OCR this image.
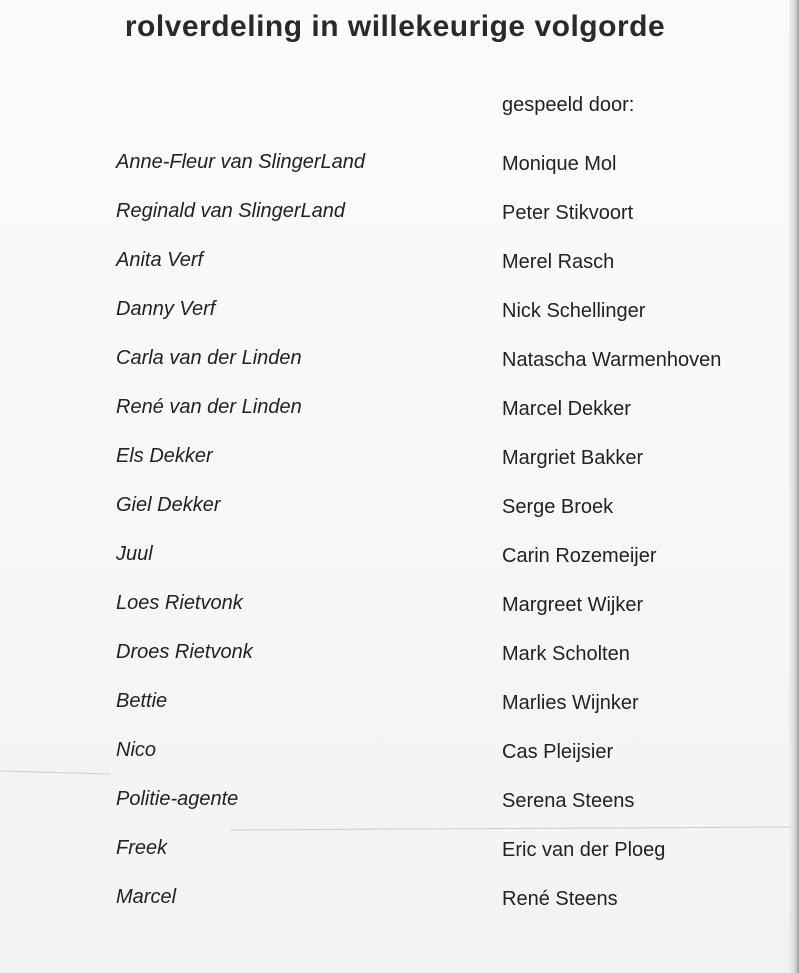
rolverdeling in willekeurige volgorde
gespeeld door:
Anne-Fleur van SlingerLand	Monique Mol
Reginald van SlingerLand	Peter Stikvoort
Anita Verf	Merel Rasch
Danny Verf	Nick Schellinger
Carla van der Linden	Natascha Warmenhoven
René van der Linden	Marcel Dekker
Els Dekker	Margriet Bakker
Giel Dekker	Serge Broek
Juul	Carin Rozemeijer
Loes Rietvonk	Margreet Wijker
Droes Rietvonk	Mark Scholten
Bettie	Marlies Wijnker
Nico	Cas Pleijsier
Politie-agente	Serena Steens
Freek	Eric van der Ploeg
Marcel	René Steens
